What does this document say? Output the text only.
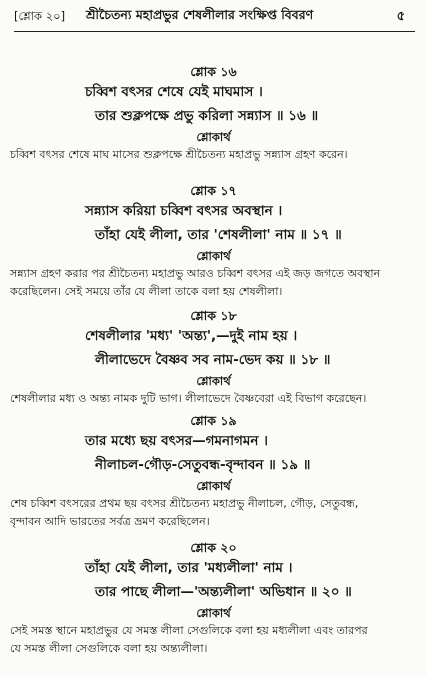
[শ্লোক ২০] শ্রীচৈতন্য মহাপ্রভুর শেষলীলার সংক্ষিপ্ত বিবরণ	৫
শ্লোক ১৬
চব্বিশ বৎসর শেষে যেই মাঘমাস ।
তার শুক্লপক্ষে প্রভু করিলা সন্ন্যাস ॥ ১৬ ॥
শ্লোকার্থ
চব্বিশ বৎসর শেষে মাঘ মাসের শুক্লপক্ষে শ্রীচৈতন্য মহাপ্রভু সন্ন্যাস গ্রহণ করেন।
শ্লোক ১৭
সন্ন্যাস করিয়া চব্বিশ বৎসর অবস্থান ।
তাঁহা যেই লীলা, তার 'শেষলীলা' নাম ॥ ১৭ ॥
শ্লোকার্থ
সন্ন্যাস গ্রহণ করার পর শ্রীচৈতন্য মহাপ্রভু আরও চব্বিশ বৎসর এই জড় জগতে অবস্থান
করেছিলেন। সেই সময়ে তাঁর যে লীলা তাকে বলা হয় শেষলীলা।
শ্লোক ১৮
শেষলীলার 'মধ্য' 'অন্ত্য',—দুই নাম হয় ।
লীলাভেদে বৈষ্ণব সব নাম-ভেদ কয় ॥ ১৮ ॥
শ্লোকার্থ
শেষলীলার মধ্য ও অন্ত্য নামক দুটি ভাগ। লীলাভেদে বৈষ্ণবেরা এই বিভাগ করেছেন।
শ্লোক ১৯
তার মধ্যে ছয় বৎসর—গমনাগমন ।
নীলাচল-গৌড়-সেতুবন্ধ-বৃন্দাবন ॥ ১৯ ॥
শ্লোকার্থ
শেষ চব্বিশ বৎসরের প্রথম ছয় বৎসর শ্রীচৈতন্য মহাপ্রভু নীলাচল, গৌড়, সেতুবন্ধ,
বৃন্দাবন আদি ভারতের সর্বত্র ভ্রমণ করেছিলেন।
শ্লোক ২০
তাঁহা যেই লীলা, তার 'মধ্যলীলা' নাম ।
তার পাছে লীলা—'অন্ত্যলীলা' অভিধান ॥ ২০ ॥
শ্লোকার্থ
সেই সমস্ত স্থানে মহাপ্রভুর যে সমস্ত লীলা সেগুলিকে বলা হয় মধ্যলীলা এবং তারপর
যে সমস্ত লীলা সেগুলিকে বলা হয় অন্ত্যলীলা।
